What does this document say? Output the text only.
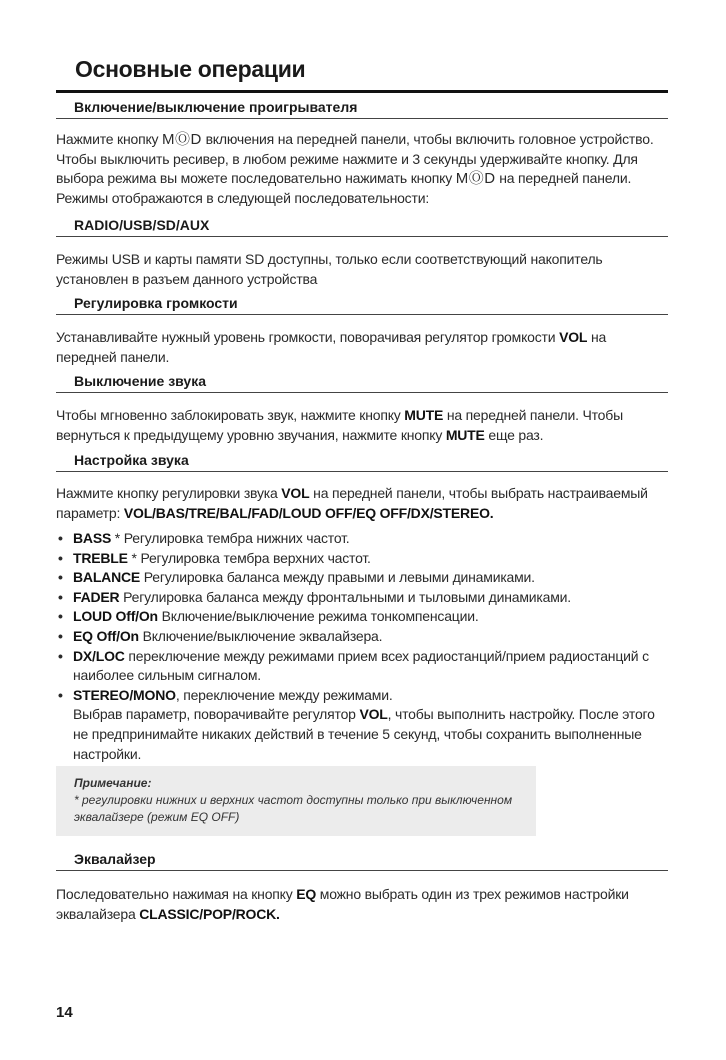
Основные операции
Включение/выключение проигрывателя
Нажмите кнопку MⓄD включения на передней панели, чтобы включить головное устройство. Чтобы выключить ресивер, в любом режиме нажмите и 3 секунды удерживайте кнопку. Для выбора режима вы можете последовательно нажимать кнопку MⓄD на передней панели. Режимы отображаются в следующей последовательности:
RADIO/USB/SD/AUX
Режимы USB и карты памяти SD доступны, только если соответствующий накопитель установлен в разъем данного устройства
Регулировка громкости
Устанавливайте нужный уровень громкости, поворачивая регулятор громкости VOL на передней панели.
Выключение звука
Чтобы мгновенно заблокировать звук, нажмите кнопку MUTE на передней панели. Чтобы вернуться к предыдущему уровню звучания, нажмите кнопку MUTE еще раз.
Настройка звука
Нажмите кнопку регулировки звука VOL на передней панели, чтобы выбрать настраиваемый параметр: VOL/BAS/TRE/BAL/FAD/LOUD OFF/EQ OFF/DX/STEREO.
• BASS * Регулировка тембра нижних частот.
• TREBLE * Регулировка тембра верхних частот.
• BALANCE Регулировка баланса между правыми и левыми динамиками.
• FADER Регулировка баланса между фронтальными и тыловыми динамиками.
• LOUD Off/On Включение/выключение режима тонкомпенсации.
• EQ Off/On Включение/выключение эквалайзера.
• DX/LOC переключение между режимами прием всех радиостанций/прием радиостанций с наиболее сильным сигналом.
• STEREO/MONO, переключение между режимами.
Выбрав параметр, поворачивайте регулятор VOL, чтобы выполнить настройку. После этого не предпринимайте никаких действий в течение 5 секунд, чтобы сохранить выполненные настройки.
Примечание:
* регулировки нижних и верхних частот доступны только при выключенном эквалайзере (режим EQ OFF)
Эквалайзер
Последовательно нажимая на кнопку EQ можно выбрать один из трех режимов настройки эквалайзера CLASSIC/POP/ROCK.
14
